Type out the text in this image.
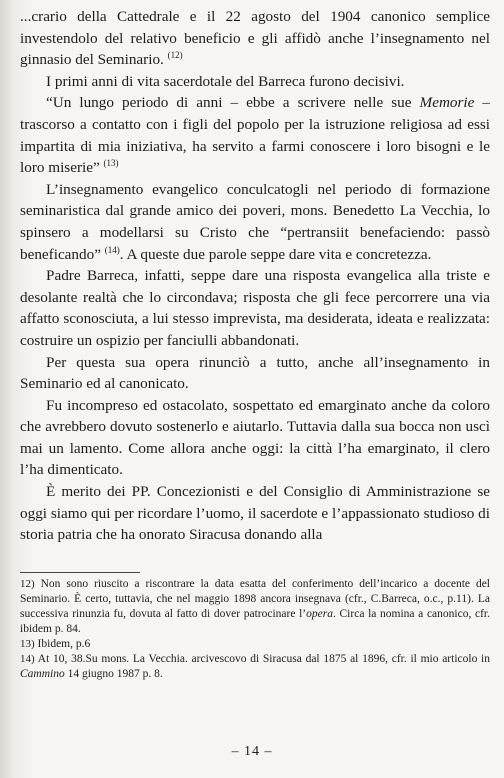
...crario della Cattedrale e il 22 agosto del 1904 canonico semplice investendolo del relativo beneficio e gli affidò anche l’insegnamento nel ginnasio del Seminario. $^{(12)}$

I primi anni di vita sacerdotale del Barreca furono decisivi.

“Un lungo periodo di anni – ebbe a scrivere nelle sue Memorie – trascorso a contatto con i figli del popolo per la istruzione religiosa ad essi impartita di mia iniziativa, ha servito a farmi conoscere i loro bisogni e le loro miserie” $^{(13)}$

L’insegnamento evangelico conculcatogli nel periodo di formazione seminaristica dal grande amico dei poveri, mons. Benedetto La Vecchia, lo spinsero a modellarsi su Cristo che “pertransiit benefaciendo: passò beneficando” $^{(14)}$. A queste due parole seppe dare vita e concretezza.

Padre Barreca, infatti, seppe dare una risposta evangelica alla triste e desolante realtà che lo circondava; risposta che gli fece percorrere una via affatto sconosciuta, a lui stesso imprevista, ma desiderata, ideata e realizzata: costruire un ospizio per fanciulli abbandonati.

Per questa sua opera rinunciò a tutto, anche all’insegnamento in Seminario ed al canonicato.

Fu incompreso ed ostacolato, sospettato ed emarginato anche da coloro che avrebbero dovuto sostenerlo e aiutarlo. Tuttavia dalla sua bocca non uscì mai un lamento. Come allora anche oggi: la città l’ha emarginato, il clero l’ha dimenticato.

È merito dei PP. Concezionisti e del Consiglio di Amministrazione se oggi siamo qui per ricordare l’uomo, il sacerdote e l’appassionato studioso di storia patria che ha onorato Siracusa donando alla

12) Non sono riuscito a riscontrare la data esatta del conferimento dell’incarico a docente del Seminario. È certo, tuttavia, che nel maggio 1898 ancora insegnava (cfr., C.Barreca, o.c., p.11). La successiva rinunzia fu, dovuta al fatto di dover patrocinare l’opera. Circa la nomina a canonico, cfr. ibidem p. 84.

13) Ibidem, p.6

14) At 10, 38.Su mons. La Vecchia. arcivescovo di Siracusa dal 1875 al 1896, cfr. il mio articolo in Cammino 14 giugno 1987 p. 8.

– 14 –
